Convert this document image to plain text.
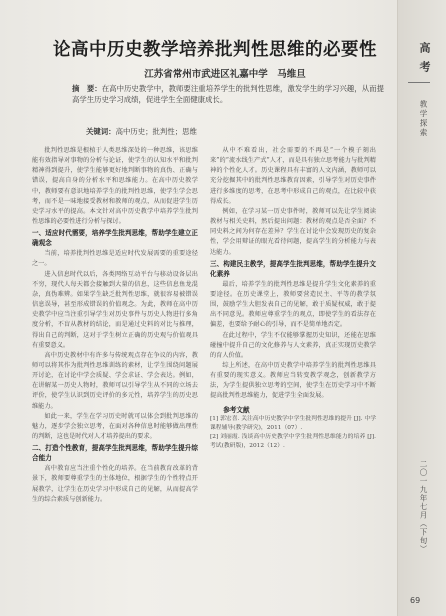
论高中历史教学培养批判性思维的必要性
江苏省常州市武进区礼嘉中学　马维旦
摘　要：在高中历史教学中，教师要注重培养学生的批判性思维，激发学生的学习兴趣，从而提高学生历史学习成绩，促进学生全面健康成长。
关键词：高中历史；批判性；思维

批判性思维是根植于人类思维深处的一种思维，该思维能有效指导对事物的分析与论证，使学生的认知水平和批判精神得到提升，使学生能够更好地判断事物的真伪、正确与错误，提高自身的分析水平和思维能力。在高中历史教学中，教师要有意识地培养学生的批判性思维，使学生学会思考，而不是一味地接受教材和教师的观点，从而促进学生历史学习水平的提高。本文针对高中历史教学中培养学生批判性思维的必要性进行分析与探讨。

一、适应时代需要，培养学生批判思维，帮助学生建立正确观念

当前，培养批判性思维是适应时代发展需要的重要途径之一。

进入信息时代以后，各类网络互动平台与移动设备层出不穷，现代人每天都会接触到大量的信息，这些信息鱼龙混杂，真伪难辨。如果学生缺乏批判性思维，就很容易被错误信息误导，甚至形成错误的价值观念。为此，教师在高中历史教学中应当注重引导学生对历史事件与历史人物进行多角度分析，不盲从教材的结论，而是通过史料的对比与推理，得出自己的判断，这对于学生树立正确的历史观与价值观具有重要意义。

高中历史教材中有许多与传统观点存在争议的内容，教师可以将其作为批判性思维训练的素材，让学生围绕问题展开讨论，在讨论中学会质疑、学会求证、学会表达。例如，在讲解某一历史人物时，教师可以引导学生从不同的立场去评价，使学生认识到历史评价的多元性，培养学生的历史思维能力。

如此一来，学生在学习历史时就可以体会到批判思维的魅力，逐步学会独立思考，在面对各种信息时能够做出理性的判断，这也是时代对人才培养提出的要求。

二、打造个性教育，提高学生批判思维，帮助学生提升综合能力

高中教育应当注重个性化的培养。在当前教育改革的背景下，教师要尊重学生的主体地位，根据学生的个性特点开展教学，让学生在历史学习中形成自己的见解，从而提高学生的综合素质与创新能力。

从中不难看出，社会需要的不再是“一个模子刻出来”的“流水线生产式”人才，而是具有独立思考能力与批判精神的个性化人才。历史课程具有丰富的人文内涵，教师可以充分挖掘其中的批判性思维教育因素，引导学生对历史事件进行多维度的思考，在思考中形成自己的观点，在比较中获得成长。

例如，在学习某一历史事件时，教师可以先让学生阅读教材与相关史料，然后提出问题：教材的观点是否全面？不同史料之间为何存在差异？学生在讨论中会发现历史的复杂性，学会用辩证的眼光看待问题，提高学生的分析能力与表达能力。

三、构建民主教学，提高学生批判思维，帮助学生提升文化素养

最后，培养学生的批判性思维是提升学生文化素养的重要途径。在历史课堂上，教师要营造民主、平等的教学氛围，鼓励学生大胆发表自己的见解，敢于质疑权威，敢于提出不同意见。教师应尊重学生的观点，即使学生的看法存在偏差，也要给予耐心的引导，而不是简单地否定。

在此过程中，学生不仅能够掌握历史知识，还能在思维碰撞中提升自己的文化修养与人文素养，真正实现历史教学的育人价值。

综上所述，在高中历史教学中培养学生的批判性思维具有重要的现实意义。教师应当转变教学观念，创新教学方法，为学生提供独立思考的空间，使学生在历史学习中不断提高批判性思维能力，促进学生全面发展。

参考文献

[1] 郭宏喜. 关注高中历史教学中学生批判性思维的提升 [J]. 中学课程辅导(教学研究)，2011（07）.

[2] 刘丽霞. 浅谈高中历史教学中学生批判性思维能力的培养 [J]. 考试(教研版)，2012（12）.

高考
教学探索
二〇一九年七月（下旬）
69
